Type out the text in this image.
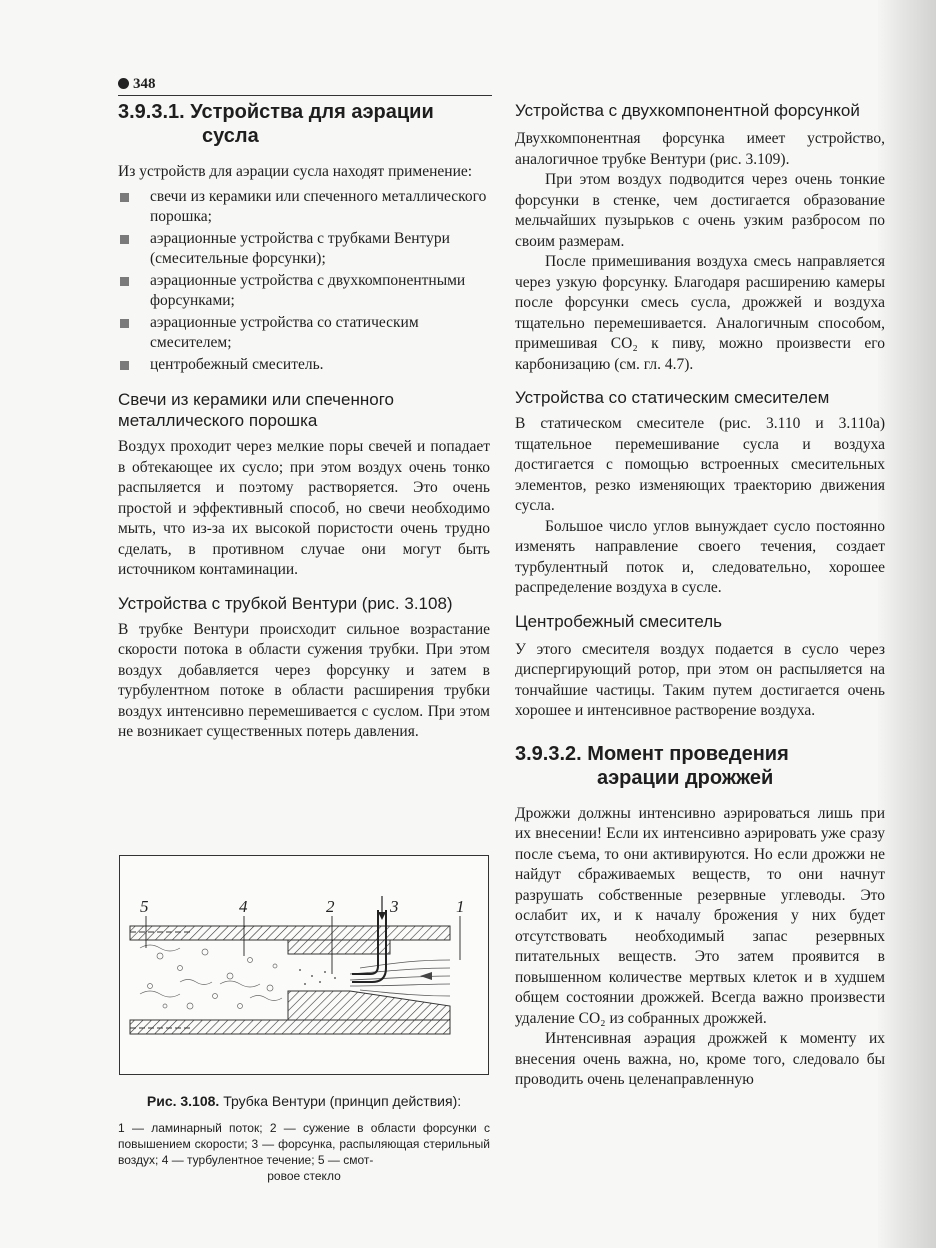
348
3.9.3.1. Устройства для аэрации
сусла

Из устройств для аэрации сусла находят применение:

свечи из керамики или спеченного металлического порошка;
аэрационные устройства с трубками Вентури (смесительные форсунки);
аэрационные устройства с двухкомпонентными форсунками;
аэрационные устройства со статическим смесителем;
центробежный смеситель.
Свечи из керамики или спеченного
металлического порошка

Воздух проходит через мелкие поры свечей и попадает в обтекающее их сусло; при этом воздух очень тонко распыляется и поэтому растворяется. Это очень простой и эффективный способ, но свечи необходимо мыть, что из-за их высокой пористости очень трудно сделать, в противном случае они могут быть источником контаминации.

Устройства с трубкой Вентури (рис. 3.108)

В трубке Вентури происходит сильное возрастание скорости потока в области сужения трубки. При этом воздух добавляется через форсунку и затем в турбулентном потоке в области расширения трубки воздух интенсивно перемешивается с суслом. При этом не возникает существенных потерь давления.

5	4	2	3	1
Рис. 3.108. Трубка Вентури (принцип действия):
1 — ламинарный поток; 2 — сужение в области форсунки с повышением скорости; 3 — форсунка, распыляющая стерильный воздух; 4 — турбулентное течение; 5 — смот-
ровое стекло
Устройства с двухкомпонентной форсункой

Двухкомпонентная форсунка имеет устройство, аналогичное трубке Вентури (рис. 3.109).

При этом воздух подводится через очень тонкие форсунки в стенке, чем достигается образование мельчайших пузырьков с очень узким разбросом по своим размерам.

После примешивания воздуха смесь направляется через узкую форсунку. Благодаря расширению камеры после форсунки смесь сусла, дрожжей и воздуха тщательно перемешивается. Аналогичным способом, примешивая CO₂ к пиву, можно произвести его карбонизацию (см. гл. 4.7).

Устройства со статическим смесителем

В статическом смесителе (рис. 3.110 и 3.110а) тщательное перемешивание сусла и воздуха достигается с помощью встроенных смесительных элементов, резко изменяющих траекторию движения сусла.

Большое число углов вынуждает сусло постоянно изменять направление своего течения, создает турбулентный поток и, следовательно, хорошее распределение воздуха в сусле.

Центробежный смеситель

У этого смесителя воздух подается в сусло через диспергирующий ротор, при этом он распыляется на тончайшие частицы. Таким путем достигается очень хорошее и интенсивное растворение воздуха.

3.9.3.2. Момент проведения
аэрации дрожжей

Дрожжи должны интенсивно аэрироваться лишь при их внесении! Если их интенсивно аэрировать уже сразу после съема, то они активируются. Но если дрожжи не найдут сбраживаемых веществ, то они начнут разрушать собственные резервные углеводы. Это ослабит их, и к началу брожения у них будет отсутствовать необходимый запас резервных питательных веществ. Это затем проявится в повышенном количестве мертвых клеток и в худшем общем состоянии дрожжей. Всегда важно произвести удаление CO₂ из собранных дрожжей.

Интенсивная аэрация дрожжей к моменту их внесения очень важна, но, кроме того, следовало бы проводить очень целенаправленную
